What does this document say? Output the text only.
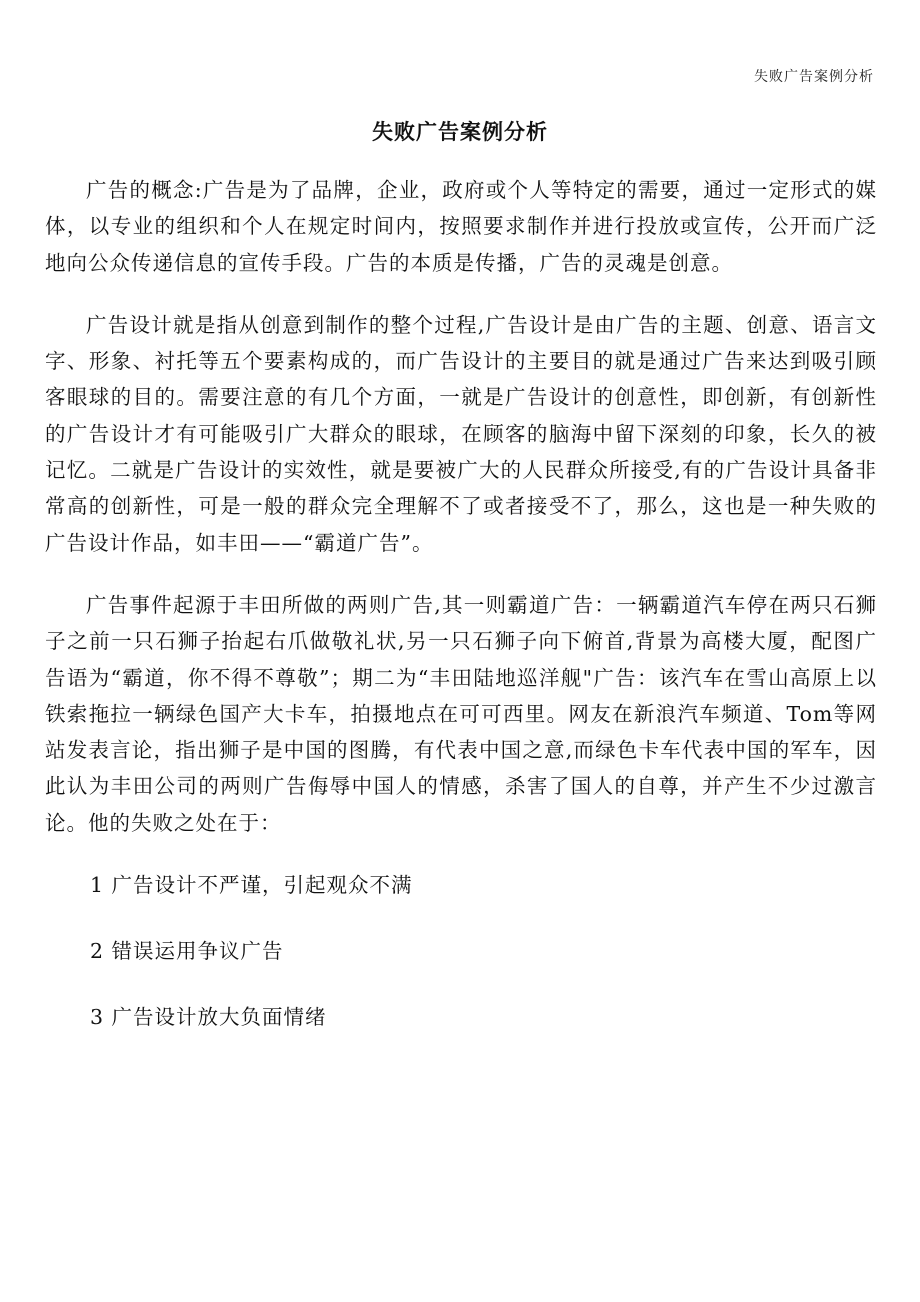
失败广告案例分析
失败广告案例分析

广告的概念:广告是为了品牌，企业，政府或个人等特定的需要，通过一定形式的媒体，以专业的组织和个人在规定时间内，按照要求制作并进行投放或宣传，公开而广泛地向公众传递信息的宣传手段。广告的本质是传播，广告的灵魂是创意。

广告设计就是指从创意到制作的整个过程,广告设计是由广告的主题、创意、语言文字、形象、衬托等五个要素构成的，而广告设计的主要目的就是通过广告来达到吸引顾客眼球的目的。需要注意的有几个方面，一就是广告设计的创意性，即创新，有创新性的广告设计才有可能吸引广大群众的眼球，在顾客的脑海中留下深刻的印象，长久的被记忆。二就是广告设计的实效性，就是要被广大的人民群众所接受,有的广告设计具备非常高的创新性，可是一般的群众完全理解不了或者接受不了，那么，这也是一种失败的广告设计作品，如丰田——“霸道广告”。

广告事件起源于丰田所做的两则广告,其一则霸道广告：一辆霸道汽车停在两只石狮子之前一只石狮子抬起右爪做敬礼状,另一只石狮子向下俯首,背景为高楼大厦，配图广告语为“霸道，你不得不尊敬”；期二为“丰田陆地巡洋舰"广告：该汽车在雪山高原上以铁索拖拉一辆绿色国产大卡车，拍摄地点在可可西里。网友在新浪汽车频道、Tom等网站发表言论，指出狮子是中国的图腾，有代表中国之意,而绿色卡车代表中国的军车，因此认为丰田公司的两则广告侮辱中国人的情感，杀害了国人的自尊，并产生不少过激言论。他的失败之处在于：

1 广告设计不严谨，引起观众不满
2 错误运用争议广告
3 广告设计放大负面情绪
